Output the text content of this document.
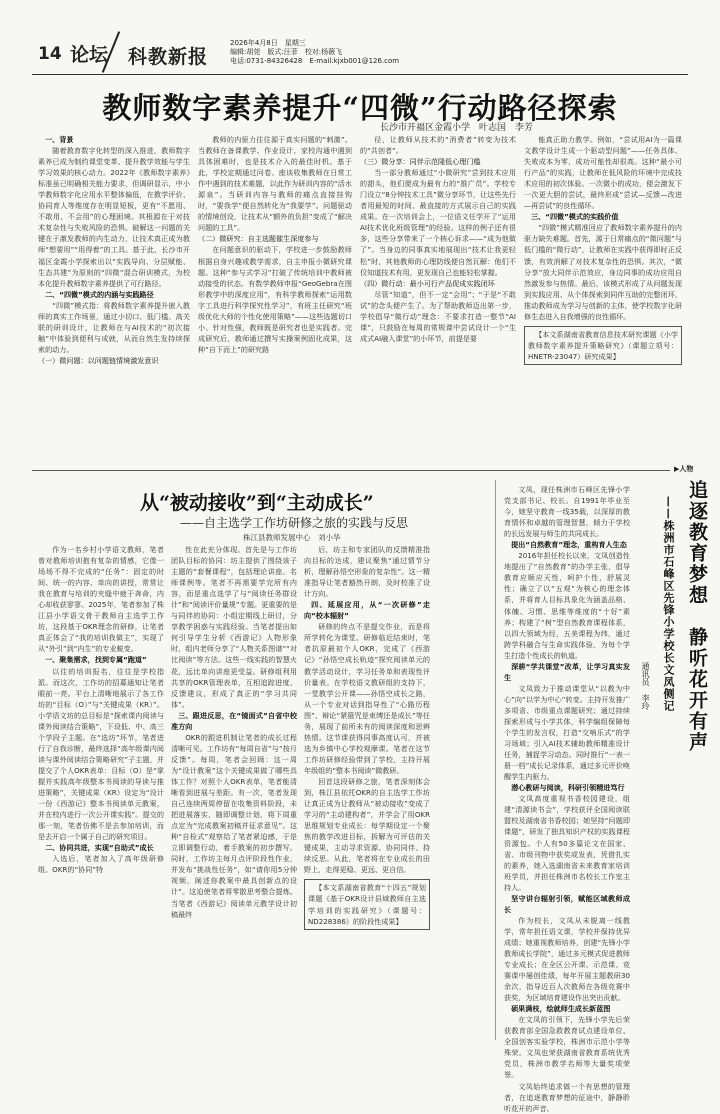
14 论坛 科教新报
2026年4月8日　星期三
编辑:胡莞　版式:汪菲　校对:杨薇飞
电话:0731-84326428　E-mail:kjxb001@126.com
教师数字素养提升“四微”行动路径探索
长沙市开福区金霞小学　叶志国　李芳

一、背景

随着教育数字化转型的深入推进，教师数字素养已成为制约课堂变革、提升教学效能与学生学习效果的核心动力。2022年《教师数字素养》标准虽已明确相关能力要求，但调研显示，中小学教师数字化应用水平整体偏低，在教学评价、协同育人等维度存在明显短板，更有“不愿用、不敢用、不会用”的心理困境。其根源在于对技术复杂性与失败风险的恐惧。破解这一问题的关键在于激发教师的内生动力，让技术真正成为教师“想要用”“用得着”的工具。基于此，长沙市开福区金霞小学探索出以“实践导向、分层赋能、生态共建”为原则的“四微”混合研训模式，为校本化提升教师数字素养提供了可行路径。

二、“四微”模式的内涵与实践路径

“四微”模式指：将教师数字素养提升嵌入教师的真实工作场景，通过小切口、低门槛、高关联的研训设计，让教师在与AI技术的“初次接触”中体验到便利与成就，从而自然生发持续探索的动力。

（一）微问题：以问题链情境激发意识

教师的内驱力往往源于真实问题的“刺激”。当教师在备课教学、作业设计、家校沟通中遇到具体困难时，也是技术介入的最佳时机。基于此，学校定期通过问卷、座谈收集教师在日常工作中遇到的技术难题，以此作为研训内容的“活水源泉”。当研训内容与教师的痛点直接挂钩时，“要我学”便自然转化为“我要学”。问题驱动的情境创设，让技术从“额外的负担”变成了“解决问题的工具”。

（二）微研究：自主选题催生深度参与

在问题意识的驱动下，学校进一步鼓励教师根据自身兴趣或教学需求，自主申报小微研究课题。这种“参与式学习”打破了传统培训中教师被动接受的状态。有数学教师申报“GeoGebra在图形教学中的深度应用”，有科学教师探索“运用数字工具进行科学探究性学习”，有班主任研究“班级优化大师的个性化使用策略”——这些选题切口小、针对性强，教师既是研究者也是实践者。完成研究后，教师通过撰写实操案例固化成果，这种“自下而上”的研究路

径，让教师从技术的“消费者”转变为技术的“共创者”。

（三）微分享：同伴示范隆低心理门槛

当一部分教师通过“小微研究”尝到技术应用的甜头，他们便成为最有力的“推广员”。学校专门设立“8分钟技术工具”微分享环节，让这些先行者用最短的时间、最直接的方式展示自己的实践成果。在一次培训会上，一位语文任学开了“运用AI技术优化班级管理”的经验。这样的例子还有很多，这些分享带来了一个核心诉求——“成为他做了”。当身边的同事真实地展现出“技术让我更轻松”时，其他教师的心理防线便自然瓦解：他们不仅知道技术有用，更发现自己也能轻松掌握。

（四）微行动：最小可行产品促成实践闭环

尽管“知道”，但不一定“会用”；“于是“不敢试”的念头便产生了。为了帮助教师迈出第一步，学校倡导“微行动”理念：不要求打造一整节“AI课”，只鼓励在每周的常规课中尝试设计一个“生成式AI融入课堂”的小环节，前提是要

能真正助力教学。例如，“尝试用AI为一篇课文教学设计生成一个驱动型问题”——任务具体、失败成本为零，成功可能性却很高。这种“最小可行产品”的实践，让教师在低风险的环境中完成技术应用的初次体验。一次微小的成功，便会激发下一次更大胆的尝试，最终形成“尝试—反馈—改进—再尝试”的良性循环。

三、“四微”模式的实践价值

“四微”模式精准回应了教师数字素养提升的内驱力缺失难题。首先，源于日常痛点的“微问题”与低门槛的“微行动”，让教师在实践中获得即时正反馈，有效消解了对技术复杂性的恐惧。其次，“微分享”放大同伴示范效应，身边同事的成功应用自然激发参与热情。最后，该模式形成了从问题发现到实践应用、从个体探索到同伴互助的完整闭环，推动教师成为学习与创新的主体，使学校数字化研修生态进入自我增强的良性循环。

【本文系湖南省教育信息技术研究课题《小学教师数字素养提升策略研究》（课题立项号：HNETR-23047）研究成果】

▶人物
从“被动接收”到“主动成长”
——自主选学工作坊研修之旅的实践与反思
株江县教师发展中心　刘小华

作为一名乡村小学语文教师，笔者曾对教师培训抱有复杂的情感，它像一场场不得不完成的“任务”：固定的时间、统一的内容、单向的讲授，常常让我在教育与培训的夹缝中疲于奔命，内心却收获寥寥。2025年，笔者参加了株江县小学语文骨干教师自主选学工作坊，这段基于OKR理念的研修，让笔者真正体会了“我的培训我做主”，实现了从“外引”到“内生”的专业蜕变。

一、聚集需求，找到专属“跑道”

以往的培训报名，往往是学校指派。而这次，工作坊的招募通知让笔者眼前一亮。平台上清晰地展示了各工作坊的“目标（O）”与“关键成果（KR）”。小学语文坊的总目标是“探索课内阅读与课外阅读结合策略”，下设低、中、高三个学段子主题。在“选坊”环节，笔者进行了自我诊断，最终选择“高年级课内阅读与课外阅读结合策略研究”子主题，并提交了个人OKR表单：目标（O）是“掌握并实践高年级整本书阅读的导读与推进策略”，关键成果（KR）设定为“设计一份《西游记》整本书阅读单元教案，并在校内进行一次公开课实践”。提交的那一刻，笔者仿佛不是去参加培训，而是去开启一个属于自己的研究项目。

二、协同共进，实现“自助式”成长

入选后，笔者加入了高年级研修组。OKR的“协同”特

性在此充分体现。首先是与工作坊团队目标的协同：坊主提供了围绕该子主题的“套餐课程”，包括理论讲座、名师课例等。笔者不再需要学完所有内容，而是重点选学了与“阅读任务群设计”和“阅读评价量规”专题。更重要的是与同伴的协同：小组定期线上研讨，分享教学困惑与实践经验。当笔者提出如何引导学生分析《西游记》人物形象时，组内老师分享了“人物关系图谱”“对比阅读”等方法。这些一线实践的智慧火花，远比单向讲座更受益。研修组利用共享的OKR管理表单，互相追踪进度、反馈建议，形成了真正的“学习共同体”。

三、跟进反思，在“镜面式”自省中校准方向

OKR的跟进机制让笔者的成长过程清晰可见。工作坊有“每周自省”与“按月反馈”。每周，笔者会回顾：这一周为“设计教案”这个关键成果做了哪些具体工作？对照个人OKR表单，笔者能清晰看到进展与差距。有一次，笔者发现自己连续两周停留在收集资料阶段，未把进展落实，随即调整计划，将下周重点定为“完成教案初稿并征求意见”。这种“自检式”观察给了笔者紧迫感，于是立即调整行动，着手教案的初步撰写。同时，工作坊主每月点评阶段性作业，并发布“挑战性任务”，如“请你用5分钟视频，阐述你教案中最具创新点的设计”。这迫使笔者将零散思考整合提炼。当笔者《西游记》阅读单元教学设计初稿最终

后，坊主和专家团队的反馈精准指向目标的达成，建议聚焦“通过情节分析，理解孙悟空形象的复杂性”。这一精准指导让笔者豁然开朗，及时校准了设计方向。

四、延展应用，从“一次研修”走向“校本辐射”

研修的终点不是提交作业，而是将所学转化为课堂。研修临近结束时，笔者抗原最初个人OKR，完成了《西游记》“孙悟空成长轨迹”探究阅读单元的教学活动设计，学习任务单和表现性评价量表。在学校语文教研组的支持下，一堂教学公开课——孙悟空成长之路，从一个专业对话到指导性了“心路历程图”、辩论“紧箍咒是束缚还是成长”等任务，展现了前所未有的阅读深度和思辨热情。这节课获得同事高度认可，并被选为乡镇中心学校观摩课。笔者在这节工作坊研修经验带到了学校，主持开展年级组的“整本书阅读”微教研。

回首这段研修之旅，笔者深刻体会到，株江县依托OKR的自主选学工作坊让真正成为让教师从“被动接收”变成了学习的“主动建构者”，并学会了用OKR思维规划专业成长：每学期设定一个聚焦的教学改进目标，拆解为可评估的关键成果，主动寻求资源、协同同伴、持续反思。从此，笔者将在专业成长的田野上，走得更稳、更远、更自信。

【本文系湖南省教育“十四五”规划课题《基于OKR设计县域教师自主选学培训的实践研究》（课题号：ND228386）的阶段性成果】

文凤，现任株洲市石峰区先锋小学党支部书记、校长。自1991年毕业至今，她坚守教育一线35载，以深厚的教育情怀和卓越的管理智慧，倾力于学校的长远发展与师生的共同成长。

提出“自然教育”理念，重构育人生态

2016年担任校长以来，文凤创造性地提出了“自然教育”的办学主张，倡导教育应顺应天性，呵护个性，舒展灵性；确立了以“五观”为核心的理念体系，并将育人目标具象化为涵盖品格、体魄、习惯、思维等维度的“十好”素养；构建了“树”型自然教育课程体系，以四大领域为经，五美课程为纬，通过跨学科融合与生命实践体验，为每个学生打造个性成长的轨道。

深耕“学共课堂”改革，让学习真实发生

文凤致力于推动课堂从“以教为中心”向“以学为中心”转变。主持开发推广多项省、市级重点课题研究；通过持续探索形成与小学共体，科学编组保障每个学生的发言权，打造“交响乐式”的学习场域；引入AI技术辅助教师精准设计任务，捕捉学习动态。同时推行“一表一册一档”成长记录体系，通过多元评价唤醒学生内驱力。

潜心教研与阅读，科研引领精进笃行

文凤高度重视书香校园建设，组建“清源读书会”，学校获评全国阅读联盟校及湖南省书香校园；她坚持“问题即课题”，研发了独具知识产权的实践课程资源包。个人有50多篇论文在国家、省、市级刊物中获奖或发表，凭借扎实的素养，她入选湖南省未来教育家培训班学员，并担任株洲市名校长工作室主持人。

坚守讲台辐射引领，赋能区域教师成长

作为校长，文凤从未脱离一线教学，常年担任语文课，学校并保持优异成绩；她重视教师培养，创建“先锋小学教师成长学院”，通过多元模式促进教师专业成长；在全区公开课、示范课、竞赛课中屡创佳绩，每年开展主题教研30余次，指导近百人次教师在各级竞赛中获奖，为区域培育建设作出突出贡献。

硕果满枝，绘就师生成长新蓝图

在文凤的引领下，先锋小学先后荣获教育部全国急救教育试点建设单位、全国创客实验学校，株洲市示范小学等殊荣。文凤也荣获湖南省教育系统优秀党员，株洲市教学名师等大量奖项荣誉。

文凤始终追求做一个有思想的管理者，在追逐教育梦想的征途中，静静聆听花开的声音。

追逐教育梦想　静听花开有声
——株洲市石峰区先锋小学校长文凤侧记
通讯员　李玲
